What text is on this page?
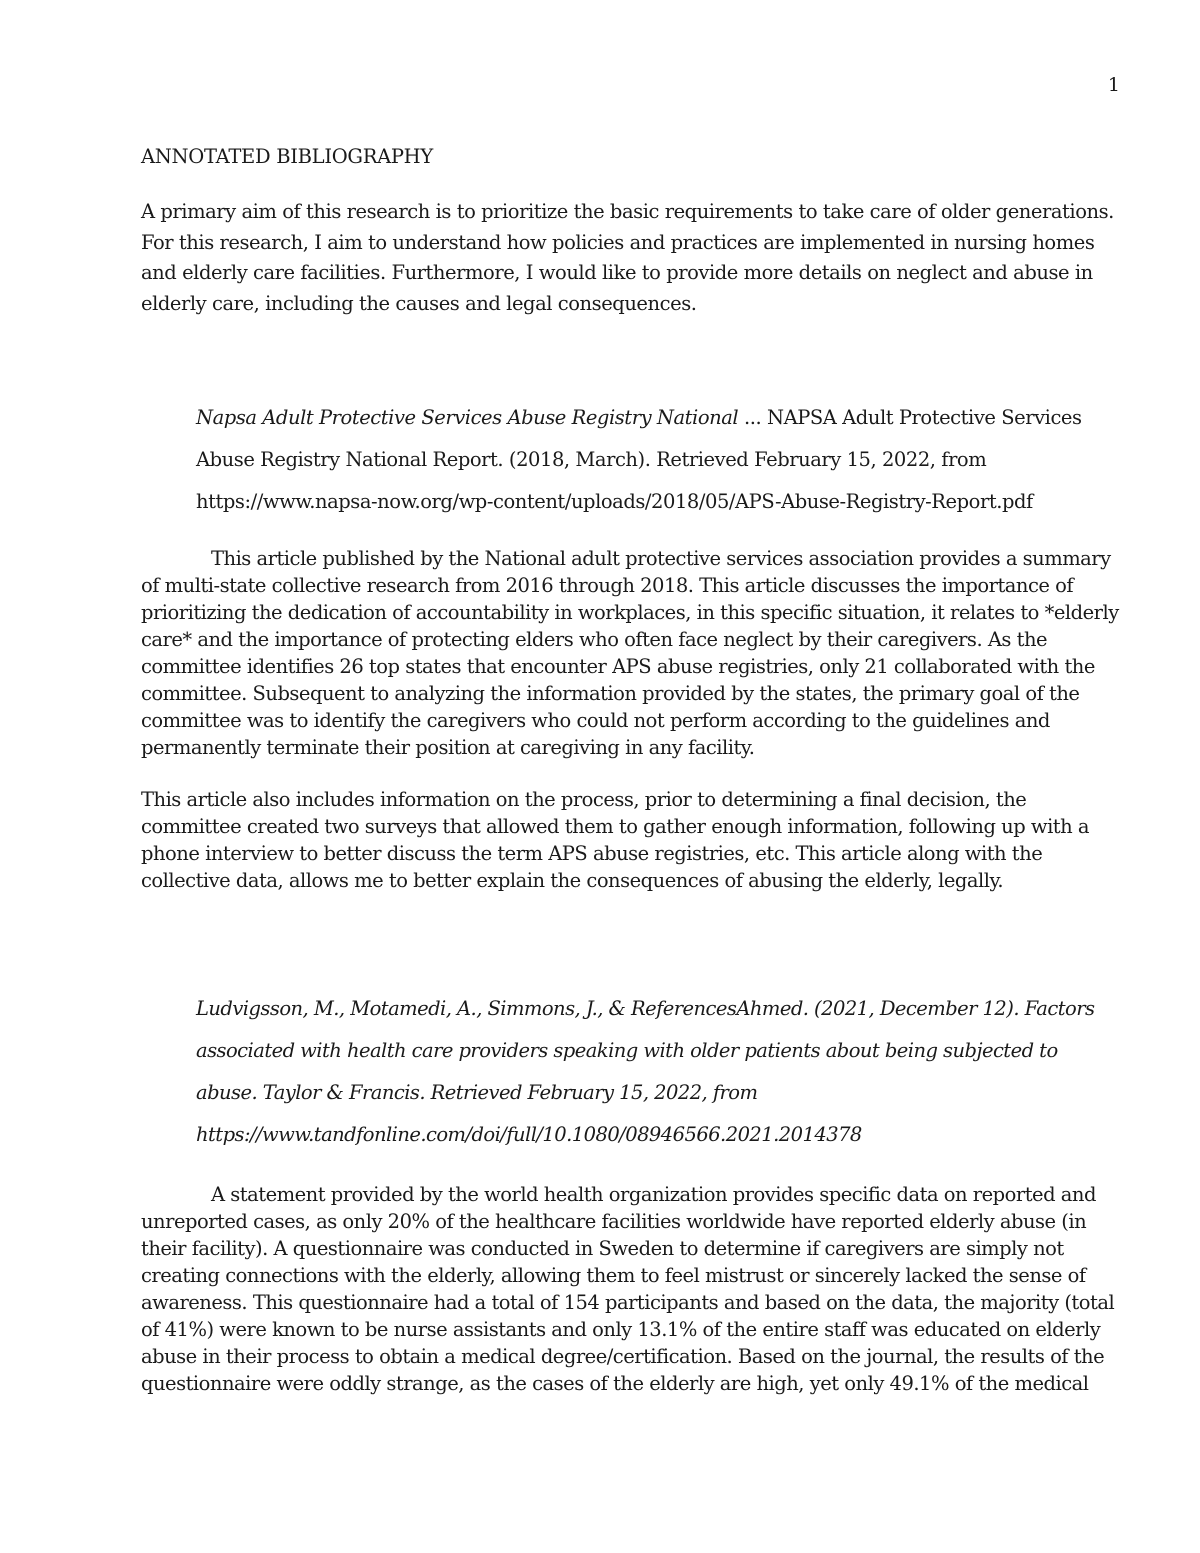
1
ANNOTATED BIBLIOGRAPHY

A primary aim of this research is to prioritize the basic requirements to take care of older generations. For this research, I aim to understand how policies and practices are implemented in nursing homes and elderly care facilities. Furthermore, I would like to provide more details on neglect and abuse in elderly care, including the causes and legal consequences.

Napsa Adult Protective Services Abuse Registry National ... NAPSA Adult Protective Services Abuse Registry National Report. (2018, March). Retrieved February 15, 2022, from https://www.napsa-now.org/wp-content/uploads/2018/05/APS-Abuse-Registry-Report.pdf

This article published by the National adult protective services association provides a summary of multi-state collective research from 2016 through 2018. This article discusses the importance of prioritizing the dedication of accountability in workplaces, in this specific situation, it relates to *elderly care* and the importance of protecting elders who often face neglect by their caregivers. As the committee identifies 26 top states that encounter APS abuse registries, only 21 collaborated with the committee. Subsequent to analyzing the information provided by the states, the primary goal of the committee was to identify the caregivers who could not perform according to the guidelines and permanently terminate their position at caregiving in any facility.

This article also includes information on the process, prior to determining a final decision, the committee created two surveys that allowed them to gather enough information, following up with a phone interview to better discuss the term APS abuse registries, etc. This article along with the collective data, allows me to better explain the consequences of abusing the elderly, legally.

Ludvigsson, M., Motamedi, A., Simmons, J., & ReferencesAhmed. (2021, December 12). Factors associated with health care providers speaking with older patients about being subjected to abuse. Taylor & Francis. Retrieved February 15, 2022, from https://www.tandfonline.com/doi/full/10.1080/08946566.2021.2014378

A statement provided by the world health organization provides specific data on reported and unreported cases, as only 20% of the healthcare facilities worldwide have reported elderly abuse (in their facility). A questionnaire was conducted in Sweden to determine if caregivers are simply not creating connections with the elderly, allowing them to feel mistrust or sincerely lacked the sense of awareness. This questionnaire had a total of 154 participants and based on the data, the majority (total of 41%) were known to be nurse assistants and only 13.1% of the entire staff was educated on elderly abuse in their process to obtain a medical degree/certification. Based on the journal, the results of the questionnaire were oddly strange, as the cases of the elderly are high, yet only 49.1% of the medical
